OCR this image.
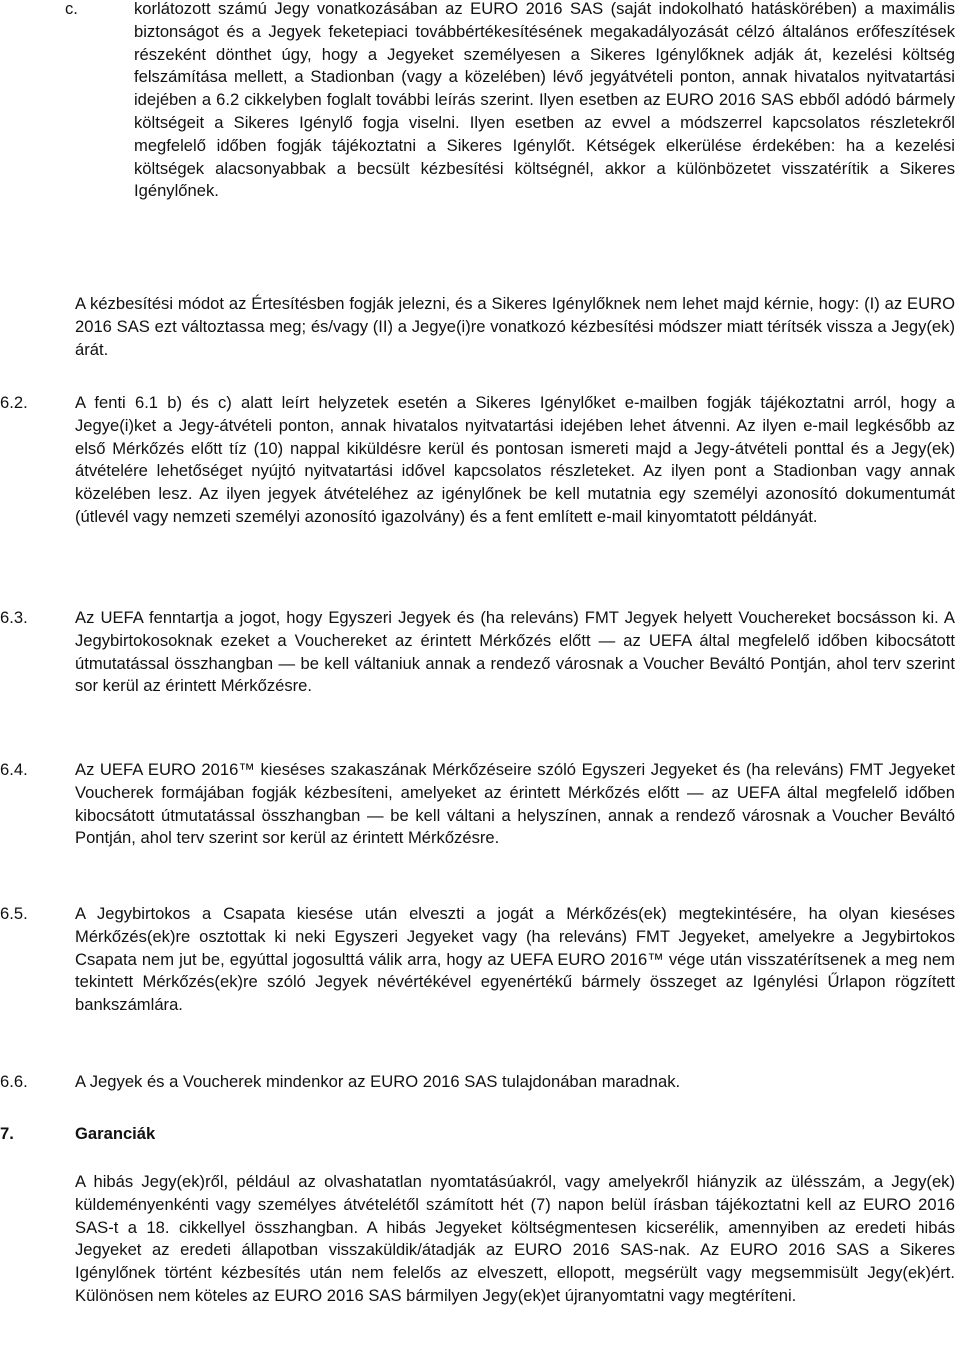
c.	korlátozott számú Jegy vonatkozásában az EURO 2016 SAS (saját indokolható hatáskörében) a maximális biztonságot és a Jegyek feketepiaci továbbértékesítésének megakadályozását célzó általános erőfeszítések részeként dönthet úgy, hogy a Jegyeket személyesen a Sikeres Igénylőknek adják át, kezelési költség felszámítása mellett, a Stadionban (vagy a közelében) lévő jegyátvételi ponton, annak hivatalos nyitvatartási idejében a 6.2 cikkelyben foglalt további leírás szerint. Ilyen esetben az EURO 2016 SAS ebből adódó bármely költségeit a Sikeres Igénylő fogja viselni. Ilyen esetben az evvel a módszerrel kapcsolatos részletekről megfelelő időben fogják tájékoztatni a Sikeres Igénylőt. Kétségek elkerülése érdekében: ha a kezelési költségek alacsonyabbak a becsült kézbesítési költségnél, akkor a különbözetet visszatérítik a Sikeres Igénylőnek.

A kézbesítési módot az Értesítésben fogják jelezni, és a Sikeres Igénylőknek nem lehet majd kérnie, hogy: (I) az EURO 2016 SAS ezt változtassa meg; és/vagy (II) a Jegye(i)re vonatkozó kézbesítési módszer miatt térítsék vissza a Jegy(ek) árát.

6.2.	A fenti 6.1 b) és c) alatt leírt helyzetek esetén a Sikeres Igénylőket e-mailben fogják tájékoztatni arról, hogy a Jegye(i)ket a Jegy-átvételi ponton, annak hivatalos nyitvatartási idejében lehet átvenni. Az ilyen e-mail legkésőbb az első Mérkőzés előtt tíz (10) nappal kiküldésre kerül és pontosan ismereti majd a Jegy-átvételi ponttal és a Jegy(ek) átvételére lehetőséget nyújtó nyitvatartási idővel kapcsolatos részleteket. Az ilyen pont a Stadionban vagy annak közelében lesz. Az ilyen jegyek átvételéhez az igénylőnek be kell mutatnia egy személyi azonosító dokumentumát (útlevél vagy nemzeti személyi azonosító igazolvány) és a fent említett e-mail kinyomtatott példányát.

6.3.	Az UEFA fenntartja a jogot, hogy Egyszeri Jegyek és (ha releváns) FMT Jegyek helyett Vouchereket bocsásson ki. A Jegybirtokosoknak ezeket a Vouchereket az érintett Mérkőzés előtt — az UEFA által megfelelő időben kibocsátott útmutatással összhangban — be kell váltaniuk annak a rendező városnak a Voucher Beváltó Pontján, ahol terv szerint sor kerül az érintett Mérkőzésre.

6.4.	Az UEFA EURO 2016™ kieséses szakaszának Mérkőzéseire szóló Egyszeri Jegyeket és (ha releváns) FMT Jegyeket Voucherek formájában fogják kézbesíteni, amelyeket az érintett Mérkőzés előtt — az UEFA által megfelelő időben kibocsátott útmutatással összhangban — be kell váltani a helyszínen, annak a rendező városnak a Voucher Beváltó Pontján, ahol terv szerint sor kerül az érintett Mérkőzésre.

6.5.	A Jegybirtokos a Csapata kiesése után elveszti a jogát a Mérkőzés(ek) megtekintésére, ha olyan kieséses Mérkőzés(ek)re osztottak ki neki Egyszeri Jegyeket vagy (ha releváns) FMT Jegyeket, amelyekre a Jegybirtokos Csapata nem jut be, egyúttal jogosulttá válik arra, hogy az UEFA EURO 2016™ vége után visszatérítsenek a meg nem tekintett Mérkőzés(ek)re szóló Jegyek névértékével egyenértékű bármely összeget az Igénylési Űrlapon rögzített bankszámlára.

6.6.	A Jegyek és a Voucherek mindenkor az EURO 2016 SAS tulajdonában maradnak.

7.	Garanciák

A hibás Jegy(ek)ről, például az olvashatatlan nyomtatásúakról, vagy amelyekről hiányzik az ülésszám, a Jegy(ek) küldeményenkénti vagy személyes átvételétől számított hét (7) napon belül írásban tájékoztatni kell az EURO 2016 SAS-t a 18. cikkellyel összhangban. A hibás Jegyeket költségmentesen kicserélik, amennyiben az eredeti hibás Jegyeket az eredeti állapotban visszaküldik/átadják az EURO 2016 SAS-nak. Az EURO 2016 SAS a Sikeres Igénylőnek történt kézbesítés után nem felelős az elveszett, ellopott, megsérült vagy megsemmisült Jegy(ek)ért. Különösen nem köteles az EURO 2016 SAS bármilyen Jegy(ek)et újranyomtatni vagy megtéríteni.
